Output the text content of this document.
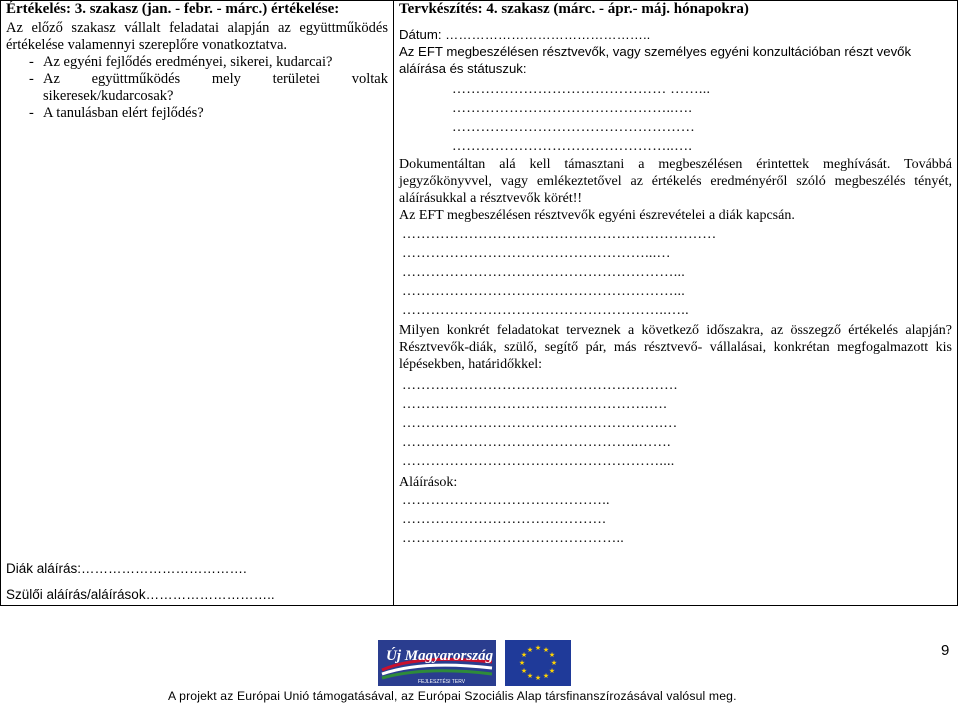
Értékelés: 3. szakasz (jan. - febr. - márc.) értékelése:
Az előző szakasz vállalt feladatai alapján az együttműködés értékelése valamennyi szereplőre vonatkoztatva.
- Az egyéni fejlődés eredményei, sikerei, kudarcai?
- Az együttműködés mely területei voltak sikeresek/kudarcosak?
- A tanulásban elért fejlődés?
Diák aláírás:……………………………….
Szülői aláírás/aláírások………………………..
Tervkészítés: 4. szakasz (márc. - ápr.- máj. hónapokra)
Dátum: ………………………………………..
Az EFT megbeszélésen résztvevők, vagy személyes egyéni konzultációban részt vevők aláírása és státuszuk:
……………………………………… ……...
………………………………………..….
……………………………………………
………………………………………..….
Dokumentáltan alá kell támasztani a megbeszélésen érintettek meghívását. Továbbá jegyzőkönyvvel, vagy emlékeztetővel az értékelés eredményéről szóló megbeszélés tényét, aláírásukkal a résztvevők körét!!
Az EFT megbeszélésen résztvevők egyéni észrevételei a diák kapcsán.
…………………………………………………………
……………………………………………...…
…………………………………………………...
…………………………………………………...
………………………………………………..…..
Milyen konkrét feladatokat terveznek a következő időszakra, az összegző értékelés alapján? Résztvevők-diák, szülő, segítő pár, más résztvevő- vállalásai, konkrétan megfogalmazott kis lépésekben, határidőkkel:
………………………………………………….
…………………………………………….….
……………………………………………….…
…………………………………………..…….
………………………………………………....
Aláírások:
……………………………………..
…………………………………….
………………………………………..
9
Új Magyarország
FEJLESZTÉSI TERV
★ ★
★
★
★
★
★
★
★
★
★
★
A projekt az Európai Unió támogatásával, az Európai Szociális Alap társfinanszírozásával valósul meg.
